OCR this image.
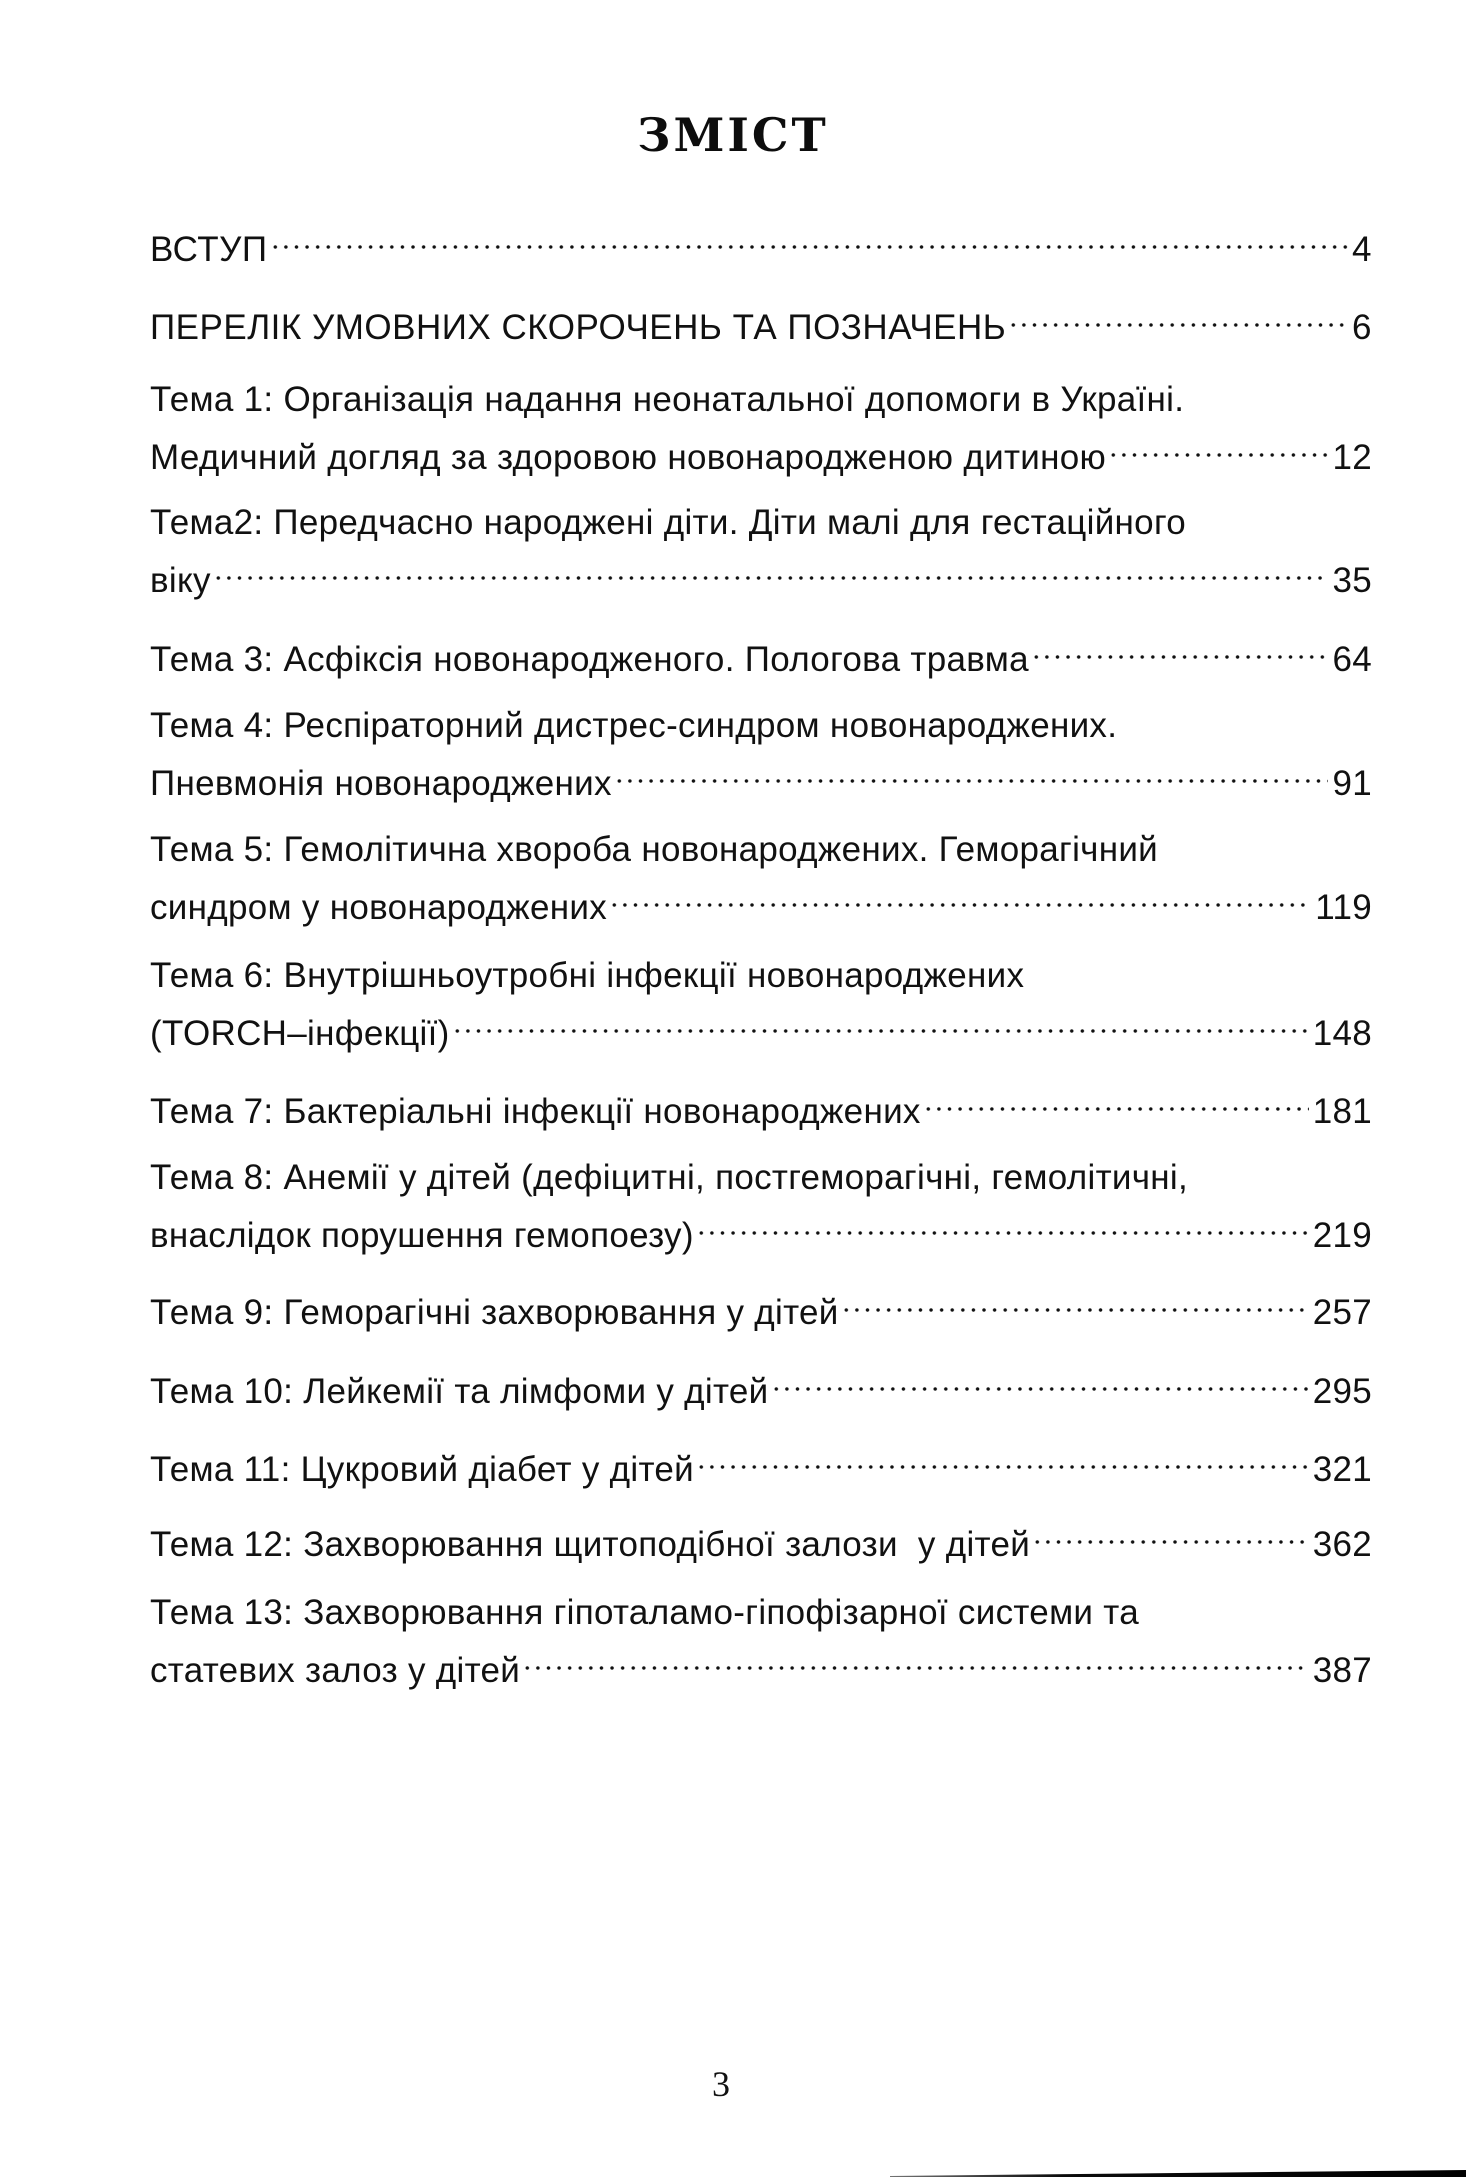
ЗМІСТ
ВСТУП	4
ПЕРЕЛІК УМОВНИХ СКОРОЧЕНЬ ТА ПОЗНАЧЕНЬ	6
Тема 1: Організація надання неонатальної допомоги в Україні.
Медичний догляд за здоровою новонародженою дитиною	12
Тема2: Передчасно народжені діти. Діти малі для гестаційного
віку	35
Тема 3: Асфіксія новонародженого. Пологова травма	64
Тема 4: Респіраторний дистрес-синдром новонароджених.
Пневмонія новонароджених	91
Тема 5: Гемолітична хвороба новонароджених. Геморагічний
синдром у новонароджених	119
Тема 6: Внутрішньоутробні інфекції новонароджених
(TORCH–інфекції)	148
Тема 7: Бактеріальні інфекції новонароджених	181
Тема 8: Анемії у дітей (дефіцитні, постгеморагічні, гемолітичні,
внаслідок порушення гемопоезу)	219
Тема 9: Геморагічні захворювання у дітей	257
Тема 10: Лейкемії та лімфоми у дітей	295
Тема 11: Цукровий діабет у дітей	321
Тема 12: Захворювання щитоподібної залози  у дітей	362
Тема 13: Захворювання гіпоталамо-гіпофізарної системи та
статевих залоз у дітей	387
3
